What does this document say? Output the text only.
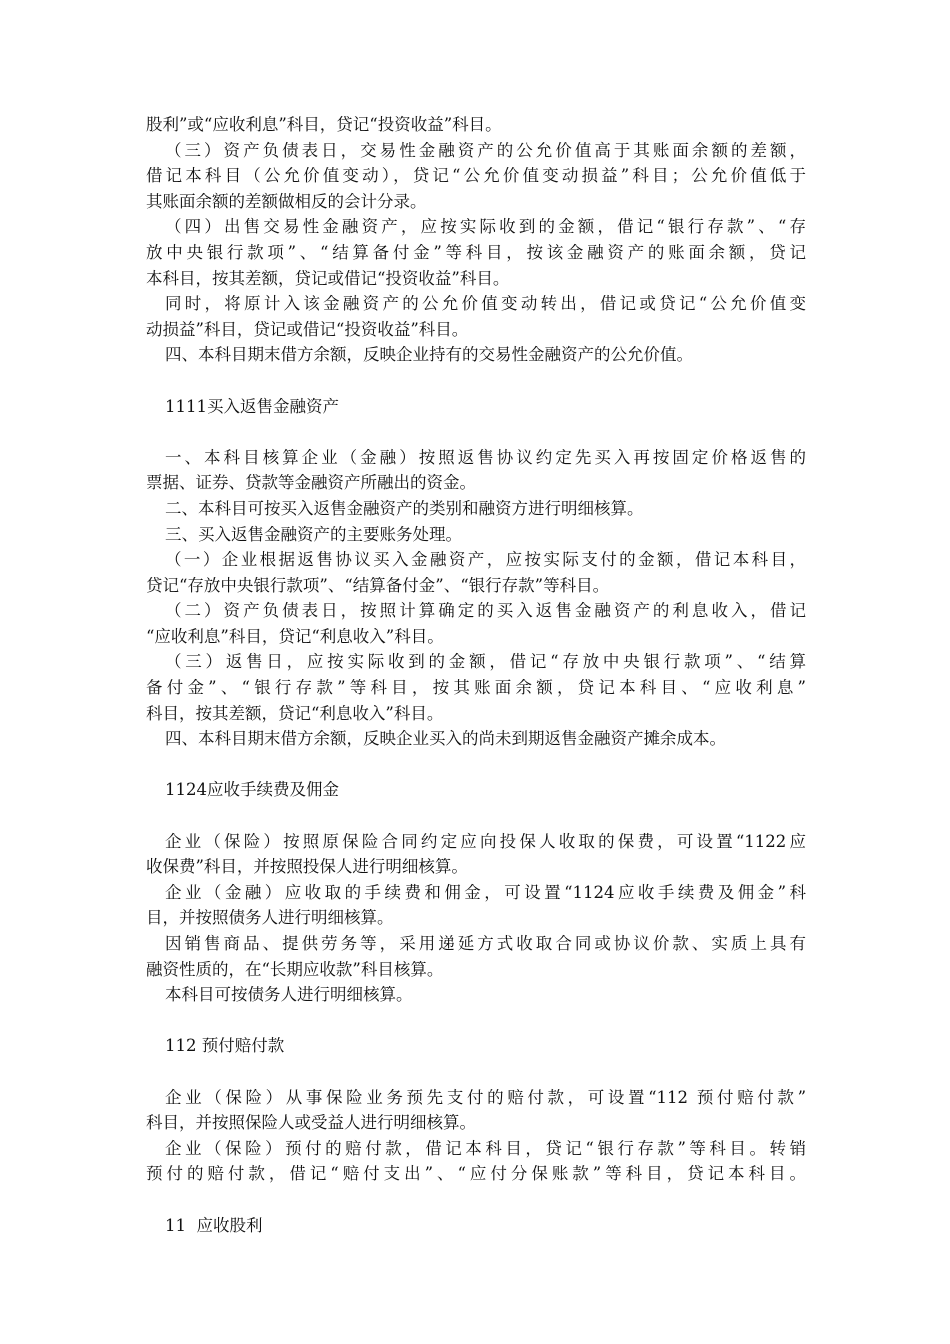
股利”或“应收利息”科目，贷记“投资收益”科目。
（三）资产负债表日，交易性金融资产的公允价值高于其账面余额的差额，
借记本科目（公允价值变动），贷记“公允价值变动损益”科目；公允价值低于
其账面余额的差额做相反的会计分录。
（四）出售交易性金融资产，应按实际收到的金额，借记“银行存款”、“存
放中央银行款项”、“结算备付金”等科目，按该金融资产的账面余额，贷记
本科目，按其差额，贷记或借记“投资收益”科目。
同时，将原计入该金融资产的公允价值变动转出，借记或贷记“公允价值变
动损益”科目，贷记或借记“投资收益”科目。
四、本科目期末借方余额，反映企业持有的交易性金融资产的公允价值。
1111买入返售金融资产
一、本科目核算企业（金融）按照返售协议约定先买入再按固定价格返售的
票据、证券、贷款等金融资产所融出的资金。
二、本科目可按买入返售金融资产的类别和融资方进行明细核算。
三、买入返售金融资产的主要账务处理。
（一）企业根据返售协议买入金融资产，应按实际支付的金额，借记本科目，
贷记“存放中央银行款项”、“结算备付金”、“银行存款”等科目。
（二）资产负债表日，按照计算确定的买入返售金融资产的利息收入，借记
“应收利息”科目，贷记“利息收入”科目。
（三）返售日，应按实际收到的金额，借记“存放中央银行款项”、“结算
备付金”、“银行存款”等科目，按其账面余额，贷记本科目、“应收利息”
科目，按其差额，贷记“利息收入”科目。
四、本科目期末借方余额，反映企业买入的尚未到期返售金融资产摊余成本。
1124应收手续费及佣金
企业（保险）按照原保险合同约定应向投保人收取的保费，可设置“1122应
收保费”科目，并按照投保人进行明细核算。
企业（金融）应收取的手续费和佣金，可设置“1124应收手续费及佣金”科
目，并按照债务人进行明细核算。
因销售商品、提供劳务等，采用递延方式收取合同或协议价款、实质上具有
融资性质的，在“长期应收款”科目核算。
本科目可按债务人进行明细核算。
112 预付赔付款
企业（保险）从事保险业务预先支付的赔付款，可设置“112 预付赔付款”
科目，并按照保险人或受益人进行明细核算。
企业（保险）预付的赔付款，借记本科目，贷记“银行存款”等科目。转销
预付的赔付款，借记“赔付支出”、“应付分保账款”等科目，贷记本科目。
11  应收股利
